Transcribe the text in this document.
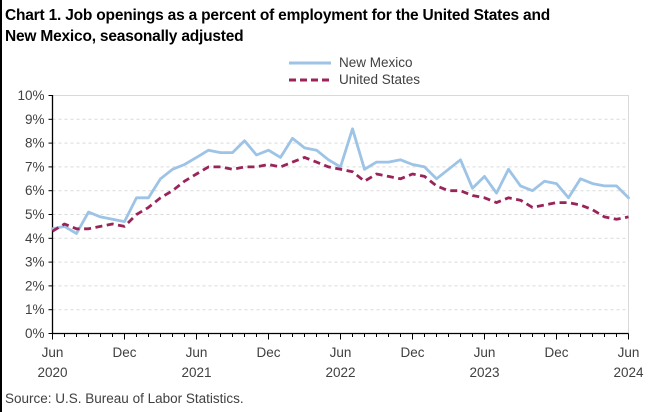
Chart 1. Job openings as a percent of employment for the United States and
New Mexico, seasonally adjusted
New Mexico
United States
0%
1%
2%
3%
4%
5%
6%
7%
8%
9%
10%
Jun
2020
Dec	Jun
2021
Dec	Jun
2022
Dec	Jun
2023
Dec	Jun
2024
Source: U.S. Bureau of Labor Statistics.
